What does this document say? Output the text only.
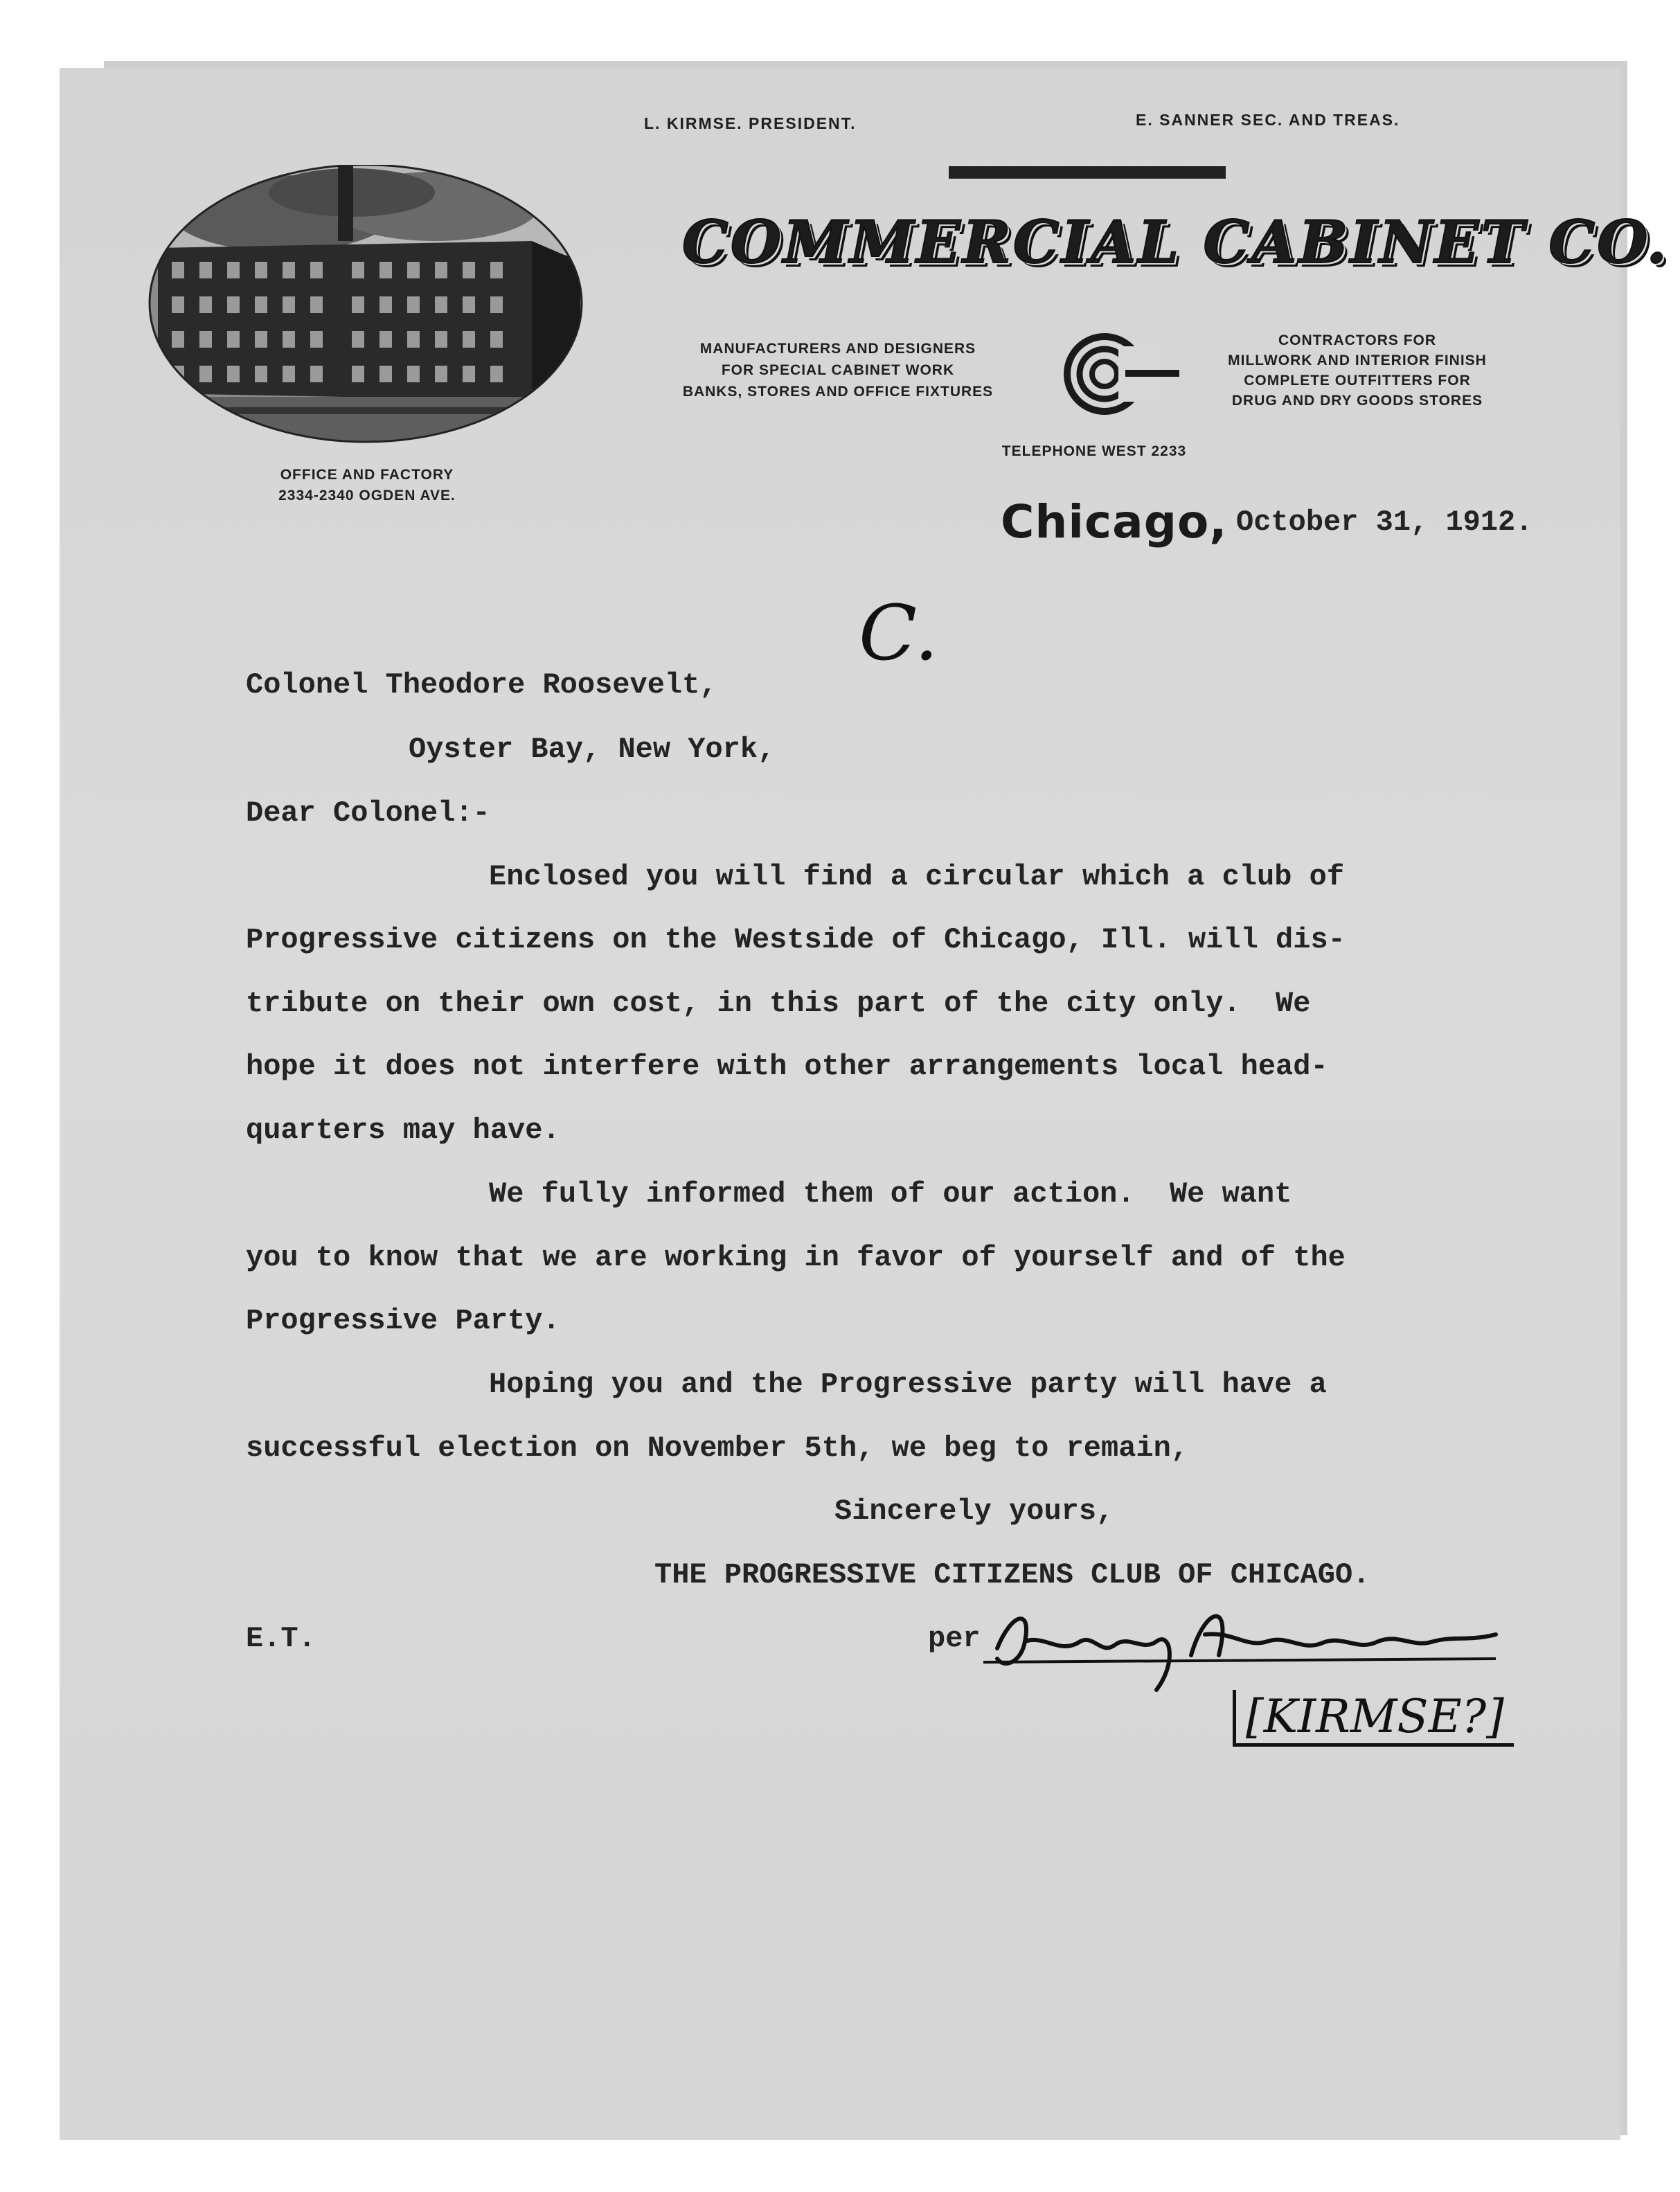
OFFICE AND FACTORY
2334-2340 OGDEN AVE.
L. KIRMSE. PRESIDENT.	E. SANNER SEC. AND TREAS.
COMMERCIAL CABINET CO.
MANUFACTURERS AND DESIGNERS
FOR SPECIAL CABINET WORK
BANKS, STORES AND OFFICE FIXTURES
CONTRACTORS FOR
MILLWORK AND INTERIOR FINISH
COMPLETE OUTFITTERS FOR
DRUG AND DRY GOODS STORES
TELEPHONE WEST 2233
Chicago, October 31, 1912.
C.
Colonel Theodore Roosevelt,
Oyster Bay, New York,
Dear Colonel:-
Enclosed you will find a circular which a club of
Progressive citizens on the Westside of Chicago, Ill. will dis-
tribute on their own cost, in this part of the city only.  We
hope it does not interfere with other arrangements local head-
quarters may have.
We fully informed them of our action.  We want
you to know that we are working in favor of yourself and of the
Progressive Party.
Hoping you and the Progressive party will have a
successful election on November 5th, we beg to remain,
Sincerely yours,
THE PROGRESSIVE CITIZENS CLUB OF CHICAGO.
E.T.	per
[KIRMSE?]
